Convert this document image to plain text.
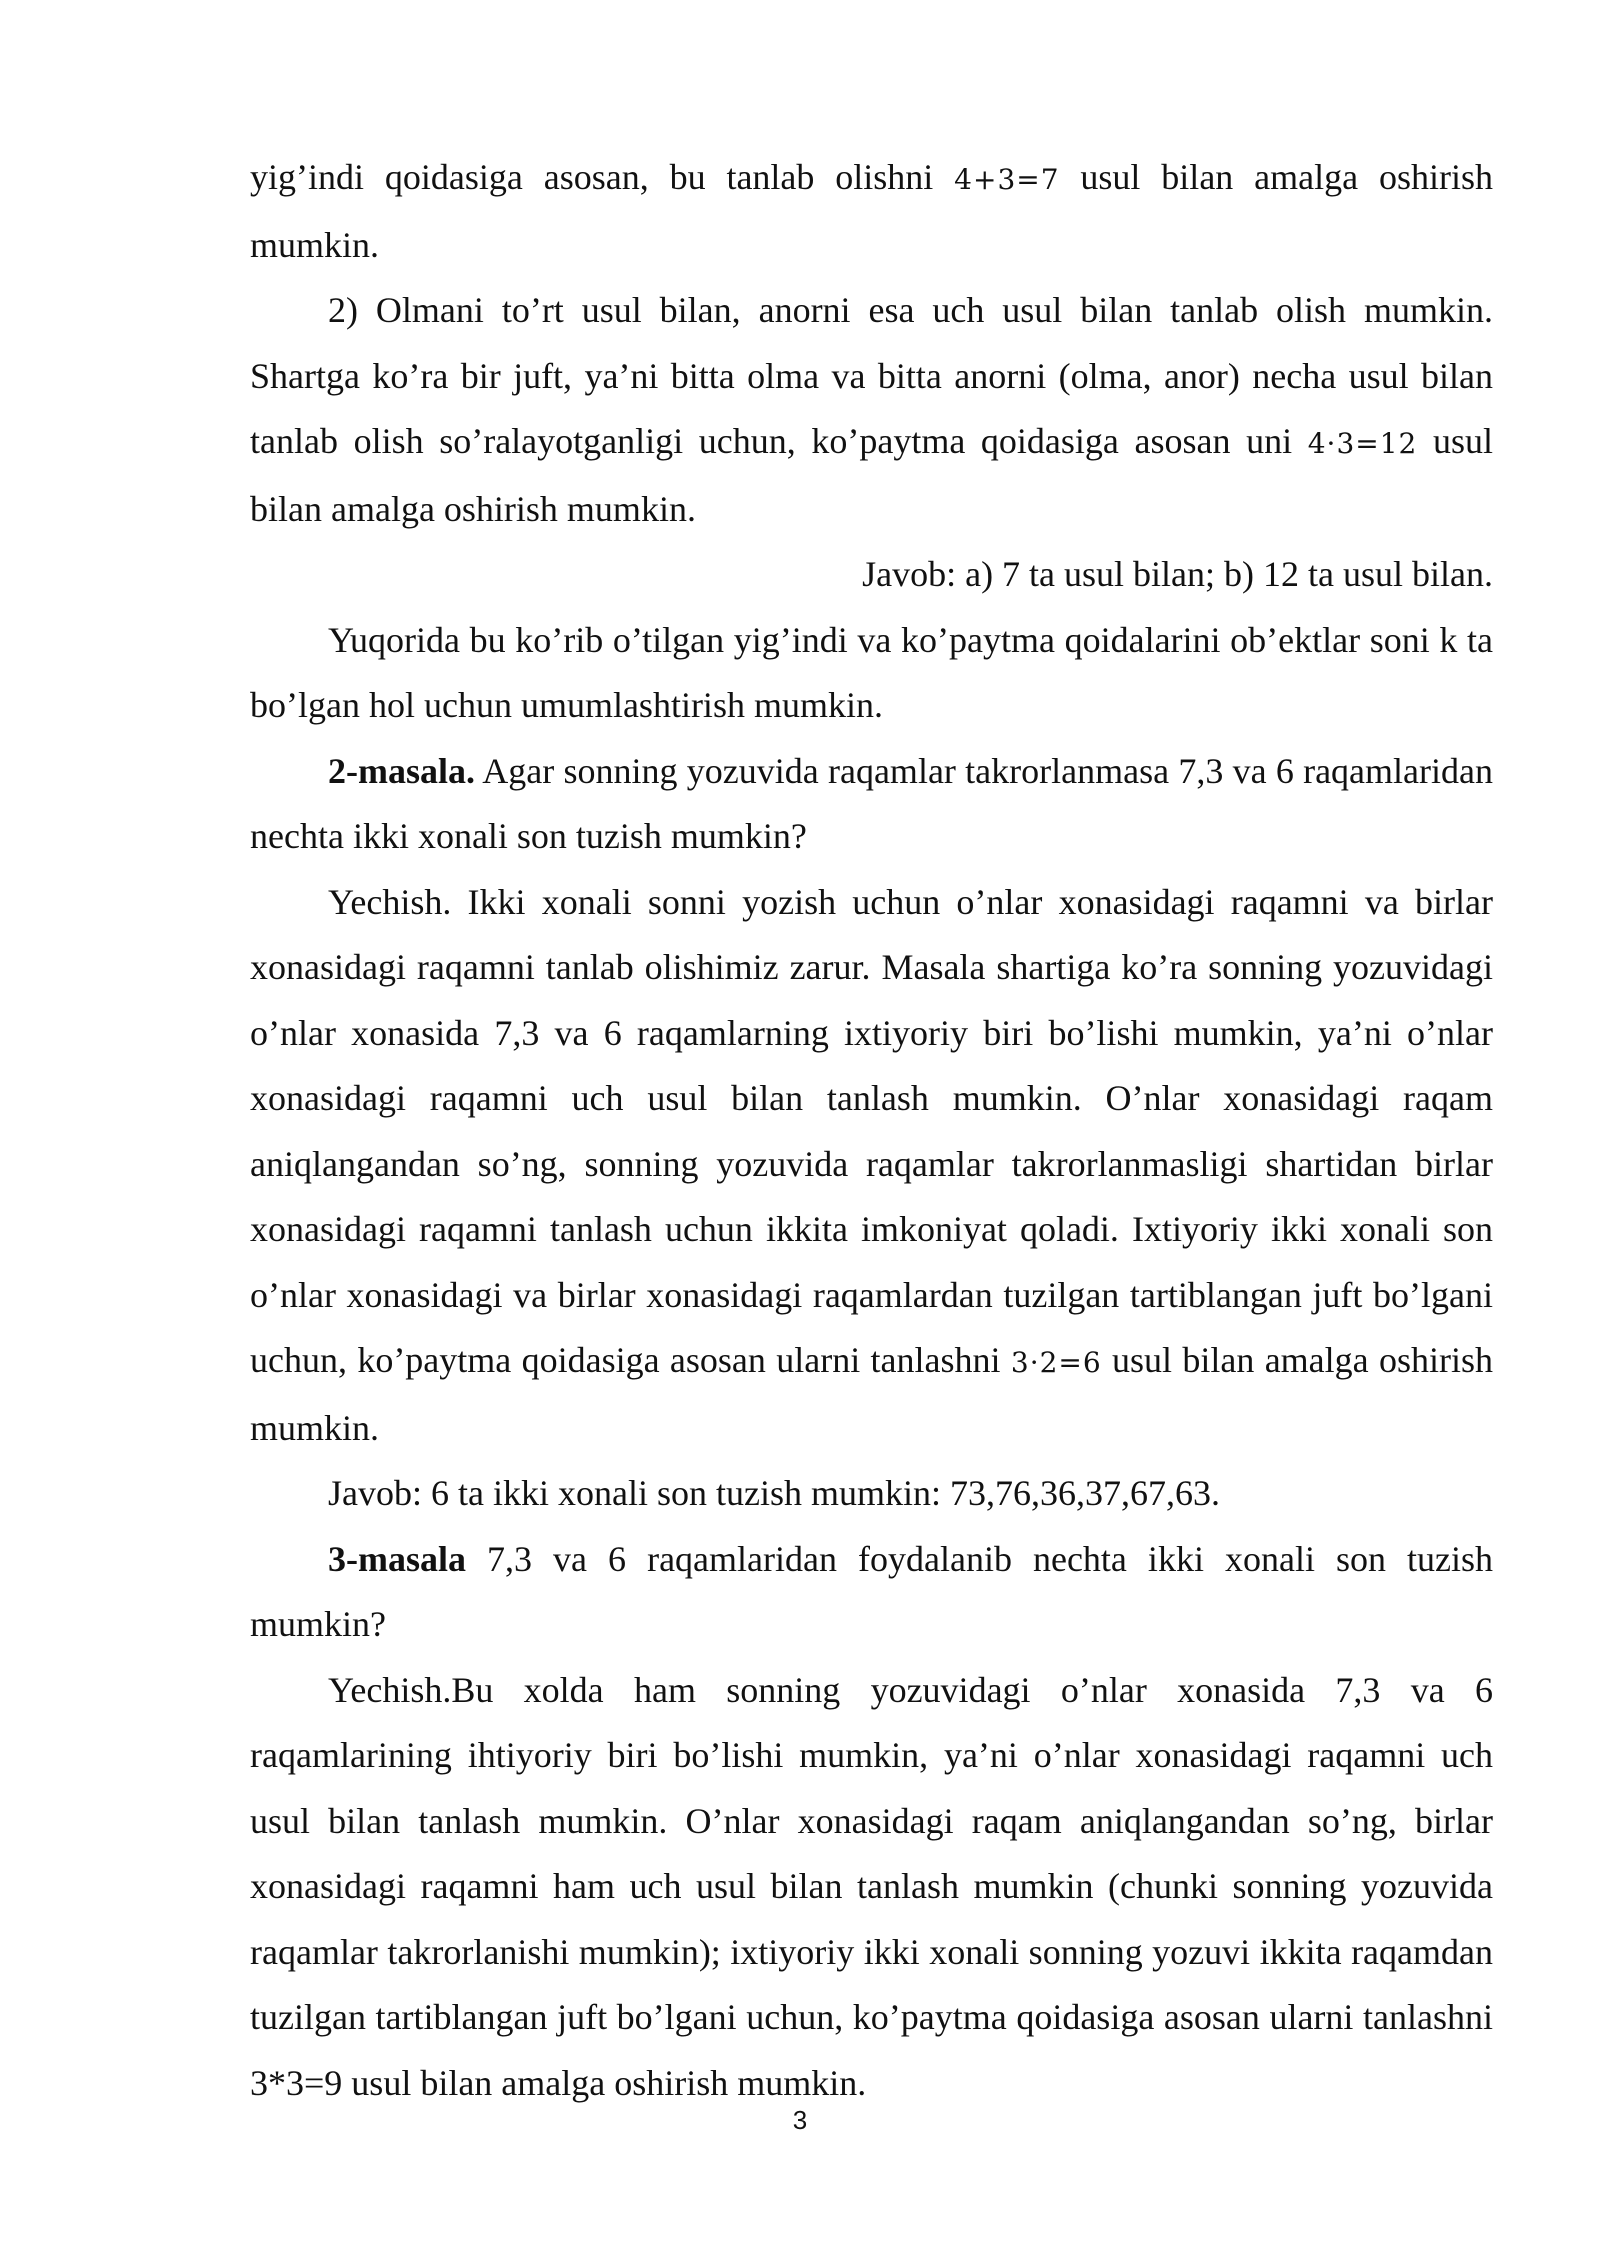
yig’indi qoidasiga asosan, bu tanlab olishni 4+3=7 usul bilan amalga oshirish mumkin.

2) Olmani to’rt usul bilan, anorni esa uch usul bilan tanlab olish mumkin. Shartga ko’ra bir juft, ya’ni bitta olma va bitta anorni (olma, anor) necha usul bilan tanlab olish so’ralayotganligi uchun, ko’paytma qoidasiga asosan uni 4·3=12 usul bilan amalga oshirish mumkin.

Javob: a) 7 ta usul bilan; b) 12 ta usul bilan.

Yuqorida bu ko’rib o’tilgan yig’indi va ko’paytma qoidalarini ob’ektlar soni k ta bo’lgan hol uchun umumlashtirish mumkin.

2-masala. Agar sonning yozuvida raqamlar takrorlanmasa 7,3 va 6 raqamlaridan nechta ikki xonali son tuzish mumkin?

Yechish. Ikki xonali sonni yozish uchun o’nlar xonasidagi raqamni va birlar xonasidagi raqamni tanlab olishimiz zarur. Masala shartiga ko’ra sonning yozuvidagi o’nlar xonasida 7,3 va 6 raqamlarning ixtiyoriy biri bo’lishi mumkin, ya’ni o’nlar xonasidagi raqamni uch usul bilan tanlash mumkin. O’nlar xonasidagi raqam aniqlangandan so’ng, sonning yozuvida raqamlar takrorlanmasligi shartidan birlar xonasidagi raqamni tanlash uchun ikkita imkoniyat qoladi. Ixtiyoriy ikki xonali son o’nlar xonasidagi va birlar xonasidagi raqamlardan tuzilgan tartiblangan juft bo’lgani uchun, ko’paytma qoidasiga asosan ularni tanlashni 3·2=6 usul bilan amalga oshirish mumkin.

Javob: 6 ta ikki xonali son tuzish mumkin: 73,76,36,37,67,63.

3-masala 7,3 va 6 raqamlaridan foydalanib nechta ikki xonali son tuzish mumkin?

Yechish.Bu xolda ham sonning yozuvidagi o’nlar xonasida 7,3 va 6 raqamlarining ihtiyoriy biri bo’lishi mumkin, ya’ni o’nlar xonasidagi raqamni uch usul bilan tanlash mumkin. O’nlar xonasidagi raqam aniqlangandan so’ng, birlar xonasidagi raqamni ham uch usul bilan tanlash mumkin (chunki sonning yozuvida raqamlar takrorlanishi mumkin); ixtiyoriy ikki xonali sonning yozuvi ikkita raqamdan tuzilgan tartiblangan juft bo’lgani uchun, ko’paytma qoidasiga asosan ularni tanlashni 3*3=9 usul bilan amalga oshirish mumkin.

3
